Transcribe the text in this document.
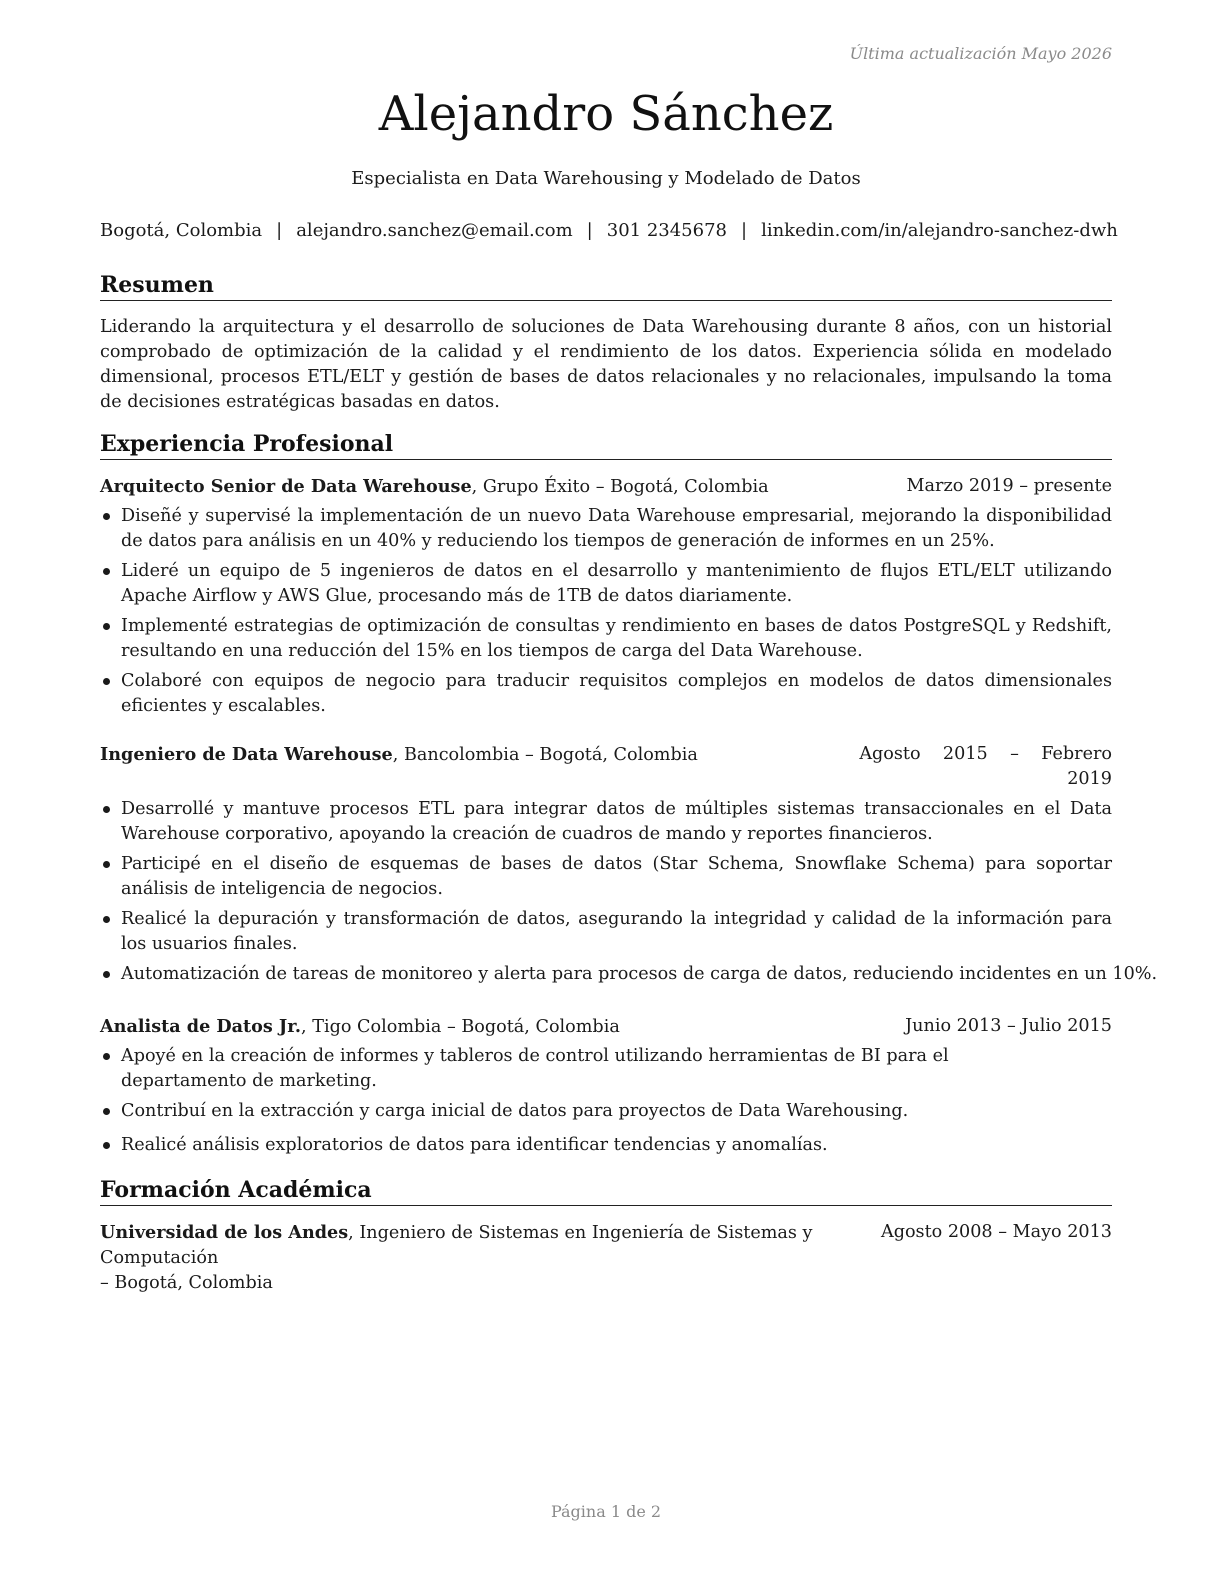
Última actualización Mayo 2026
Alejandro Sánchez
Especialista en Data Warehousing y Modelado de Datos
Bogotá, Colombia | alejandro.sanchez@email.com | 301 2345678 | linkedin.com/in/alejandro-sanchez-dwh
Resumen
Liderando la arquitectura y el desarrollo de soluciones de Data Warehousing durante 8 años, con un historial comprobado de optimización de la calidad y el rendimiento de los datos. Experiencia sólida en modelado dimensional, procesos ETL/ELT y gestión de bases de datos relacionales y no relacionales, impulsando la toma de decisiones estratégicas basadas en datos.
Experiencia Profesional
Arquitecto Senior de Data Warehouse, Grupo Éxito – Bogotá, Colombia	Marzo 2019 – presente
Diseñé y supervisé la implementación de un nuevo Data Warehouse empresarial, mejorando la disponibilidad de datos para análisis en un 40% y reduciendo los tiempos de generación de informes en un 25%.
Lideré un equipo de 5 ingenieros de datos en el desarrollo y mantenimiento de flujos ETL/ELT utilizando Apache Airflow y AWS Glue, procesando más de 1TB de datos diariamente.
Implementé estrategias de optimización de consultas y rendimiento en bases de datos PostgreSQL y Redshift, resultando en una reducción del 15% en los tiempos de carga del Data Warehouse.
Colaboré con equipos de negocio para traducir requisitos complejos en modelos de datos dimensionales eficientes y escalables.
Ingeniero de Data Warehouse, Bancolombia – Bogotá, Colombia	Agosto    2015    –    Febrero
2019
Desarrollé y mantuve procesos ETL para integrar datos de múltiples sistemas transaccionales en el Data Warehouse corporativo, apoyando la creación de cuadros de mando y reportes financieros.
Participé en el diseño de esquemas de bases de datos (Star Schema, Snowflake Schema) para soportar análisis de inteligencia de negocios.
Realicé la depuración y transformación de datos, asegurando la integridad y calidad de la información para los usuarios finales.
Automatización de tareas de monitoreo y alerta para procesos de carga de datos, reduciendo incidentes en un 10%.
Analista de Datos Jr., Tigo Colombia – Bogotá, Colombia	Junio 2013 – Julio 2015
Apoyé en la creación de informes y tableros de control utilizando herramientas de BI para el departamento de marketing.
Contribuí en la extracción y carga inicial de datos para proyectos de Data Warehousing.
Realicé análisis exploratorios de datos para identificar tendencias y anomalías.
Formación Académica
Universidad de los Andes, Ingeniero de Sistemas en Ingeniería de Sistemas y Computación
– Bogotá, Colombia
Agosto 2008 – Mayo 2013
Página 1 de 2
